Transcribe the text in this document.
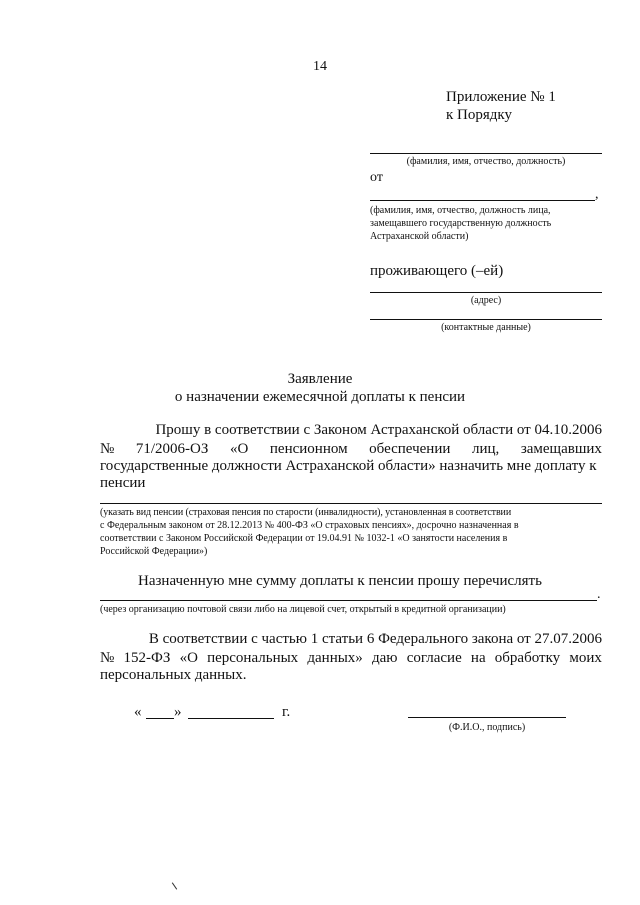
14
Приложение № 1
к Порядку
(фамилия, имя, отчество, должность)
от
,
(фамилия, имя, отчество, должность лица,
замещавшего государственную должность
Астраханской области)
проживающего (–ей)
(адрес)
(контактные данные)
Заявление
о назначении ежемесячной доплаты к пенсии
Прошу в соответствии с Законом Астраханской области от 04.10.2006
№ 71/2006-ОЗ «О пенсионном обеспечении лиц, замещавших
государственные должности Астраханской области» назначить мне доплату к
пенсии
(указать вид пенсии (страховая пенсия по старости (инвалидности), установленная в соответствии
с Федеральным законом от 28.12.2013 № 400-ФЗ «О страховых пенсиях», досрочно назначенная в
соответствии с Законом Российской Федерации от 19.04.91 № 1032-1 «О занятости населения в
Российской Федерации»)
Назначенную мне сумму доплаты к пенсии прошу перечислять
.
(через организацию почтовой связи либо на лицевой счет, открытый в кредитной организации)
В соответствии с частью 1 статьи 6 Федерального закона от 27.07.2006
№ 152-ФЗ «О персональных данных» даю согласие на обработку моих
персональных данных.
« »	г.
(Ф.И.О., подпись)
